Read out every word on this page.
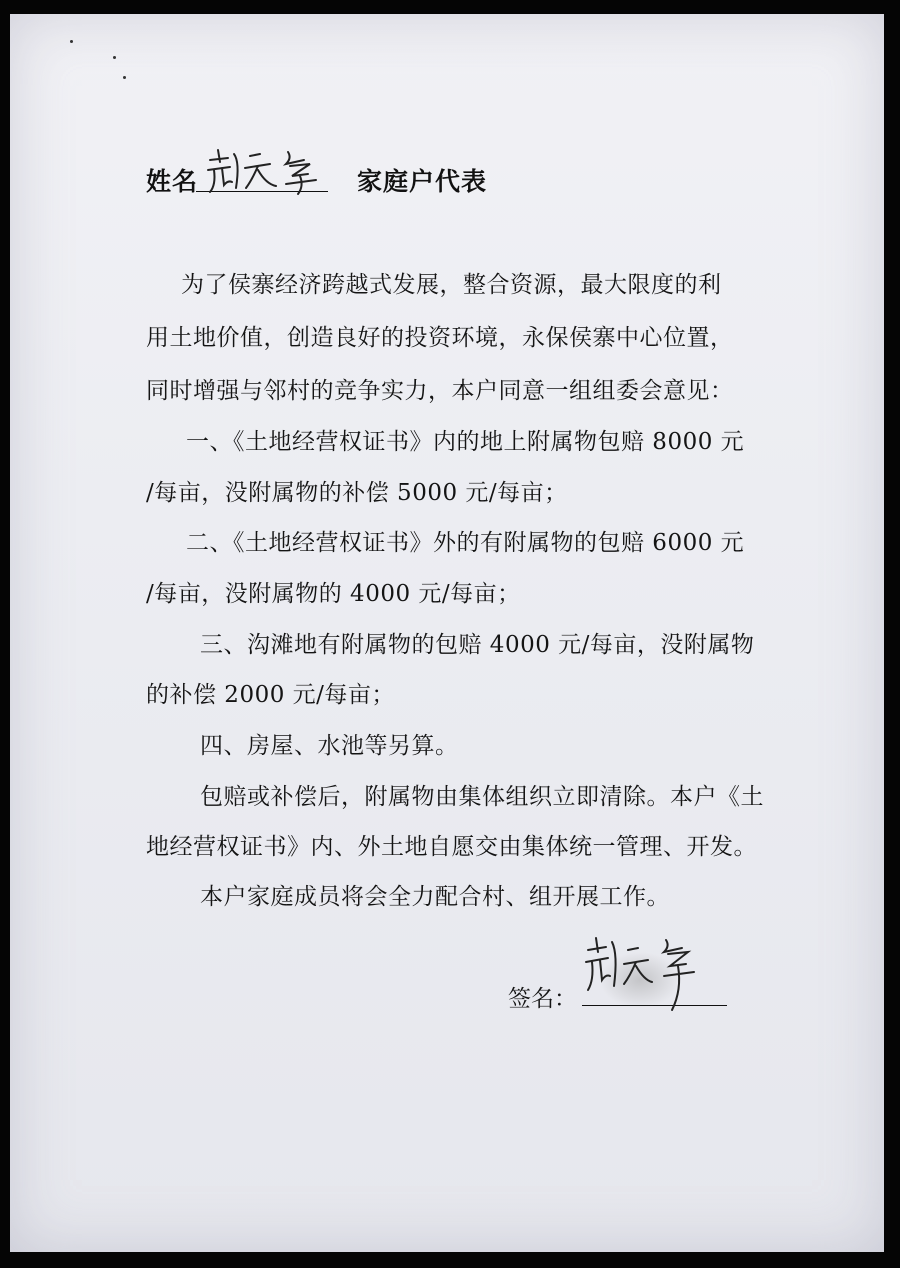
姓名	家庭户代表
为了侯寨经济跨越式发展，整合资源，最大限度的利
用土地价值，创造良好的投资环境，永保侯寨中心位置，
同时增强与邻村的竞争实力，本户同意一组组委会意见：
一、《土地经营权证书》内的地上附属物包赔 8000 元
/每亩，没附属物的补偿 5000 元/每亩；
二、《土地经营权证书》外的有附属物的包赔 6000 元
/每亩，没附属物的 4000 元/每亩；
三、沟滩地有附属物的包赔 4000 元/每亩，没附属物
的补偿 2000 元/每亩；
四、房屋、水池等另算。
包赔或补偿后，附属物由集体组织立即清除。本户《土
地经营权证书》内、外土地自愿交由集体统一管理、开发。
本户家庭成员将会全力配合村、组开展工作。
签名：
